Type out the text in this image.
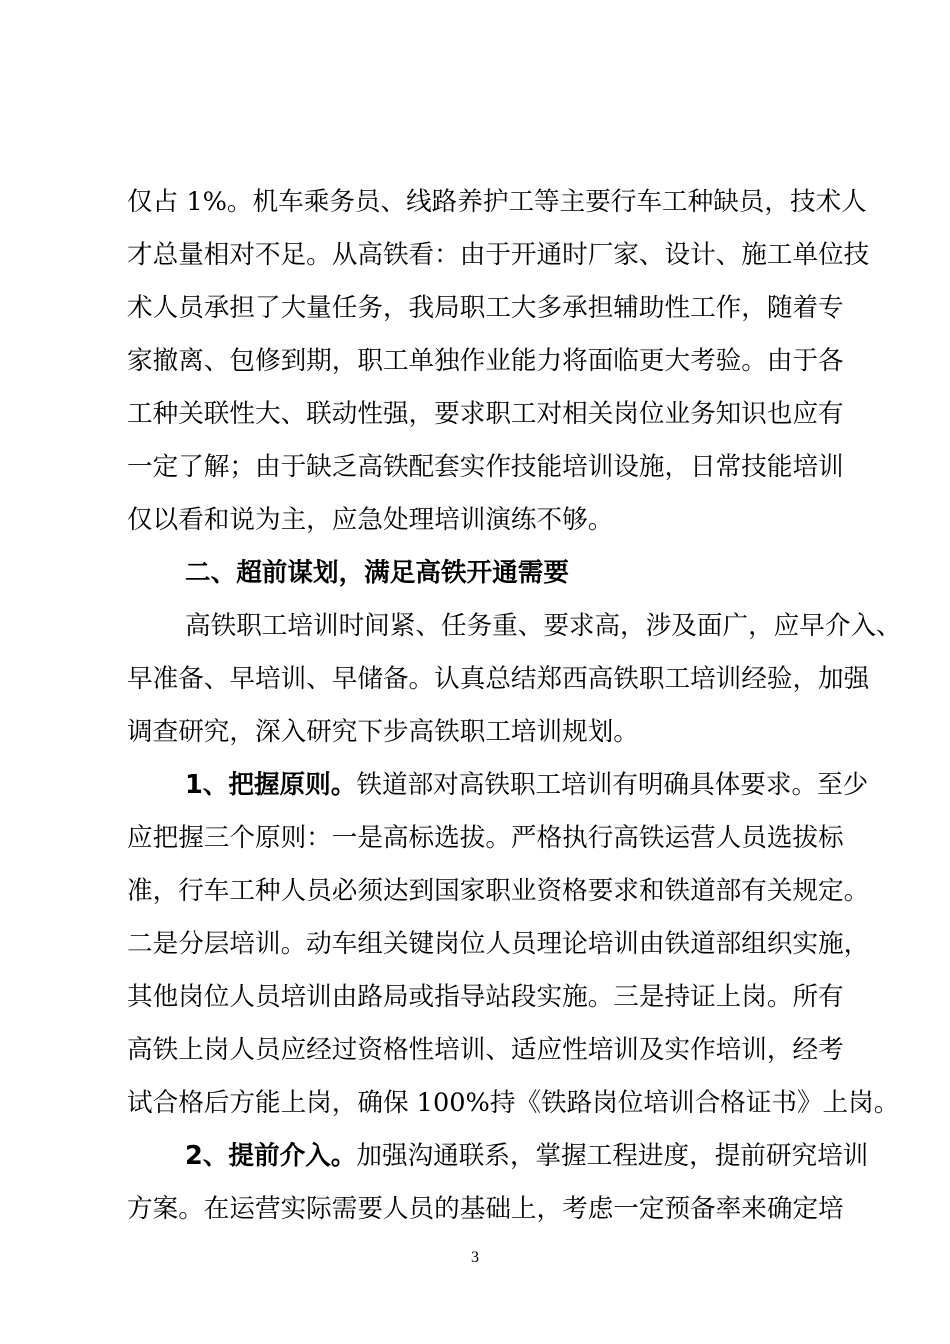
仅占 1%。机车乘务员、线路养护工等主要行车工种缺员，技术人
才总量相对不足。从高铁看：由于开通时厂家、设计、施工单位技
术人员承担了大量任务，我局职工大多承担辅助性工作，随着专
家撤离、包修到期，职工单独作业能力将面临更大考验。由于各
工种关联性大、联动性强，要求职工对相关岗位业务知识也应有
一定了解；由于缺乏高铁配套实作技能培训设施，日常技能培训
仅以看和说为主，应急处理培训演练不够。
二、超前谋划，满足高铁开通需要
高铁职工培训时间紧、任务重、要求高，涉及面广，应早介入、
早准备、早培训、早储备。认真总结郑西高铁职工培训经验，加强
调查研究，深入研究下步高铁职工培训规划。
1、把握原则。铁道部对高铁职工培训有明确具体要求。至少
应把握三个原则：一是高标选拔。严格执行高铁运营人员选拔标
准，行车工种人员必须达到国家职业资格要求和铁道部有关规定。
二是分层培训。动车组关键岗位人员理论培训由铁道部组织实施，
其他岗位人员培训由路局或指导站段实施。三是持证上岗。所有
高铁上岗人员应经过资格性培训、适应性培训及实作培训，经考
试合格后方能上岗，确保 100%持《铁路岗位培训合格证书》上岗。
2、提前介入。加强沟通联系，掌握工程进度，提前研究培训
方案。在运营实际需要人员的基础上，考虑一定预备率来确定培
3
